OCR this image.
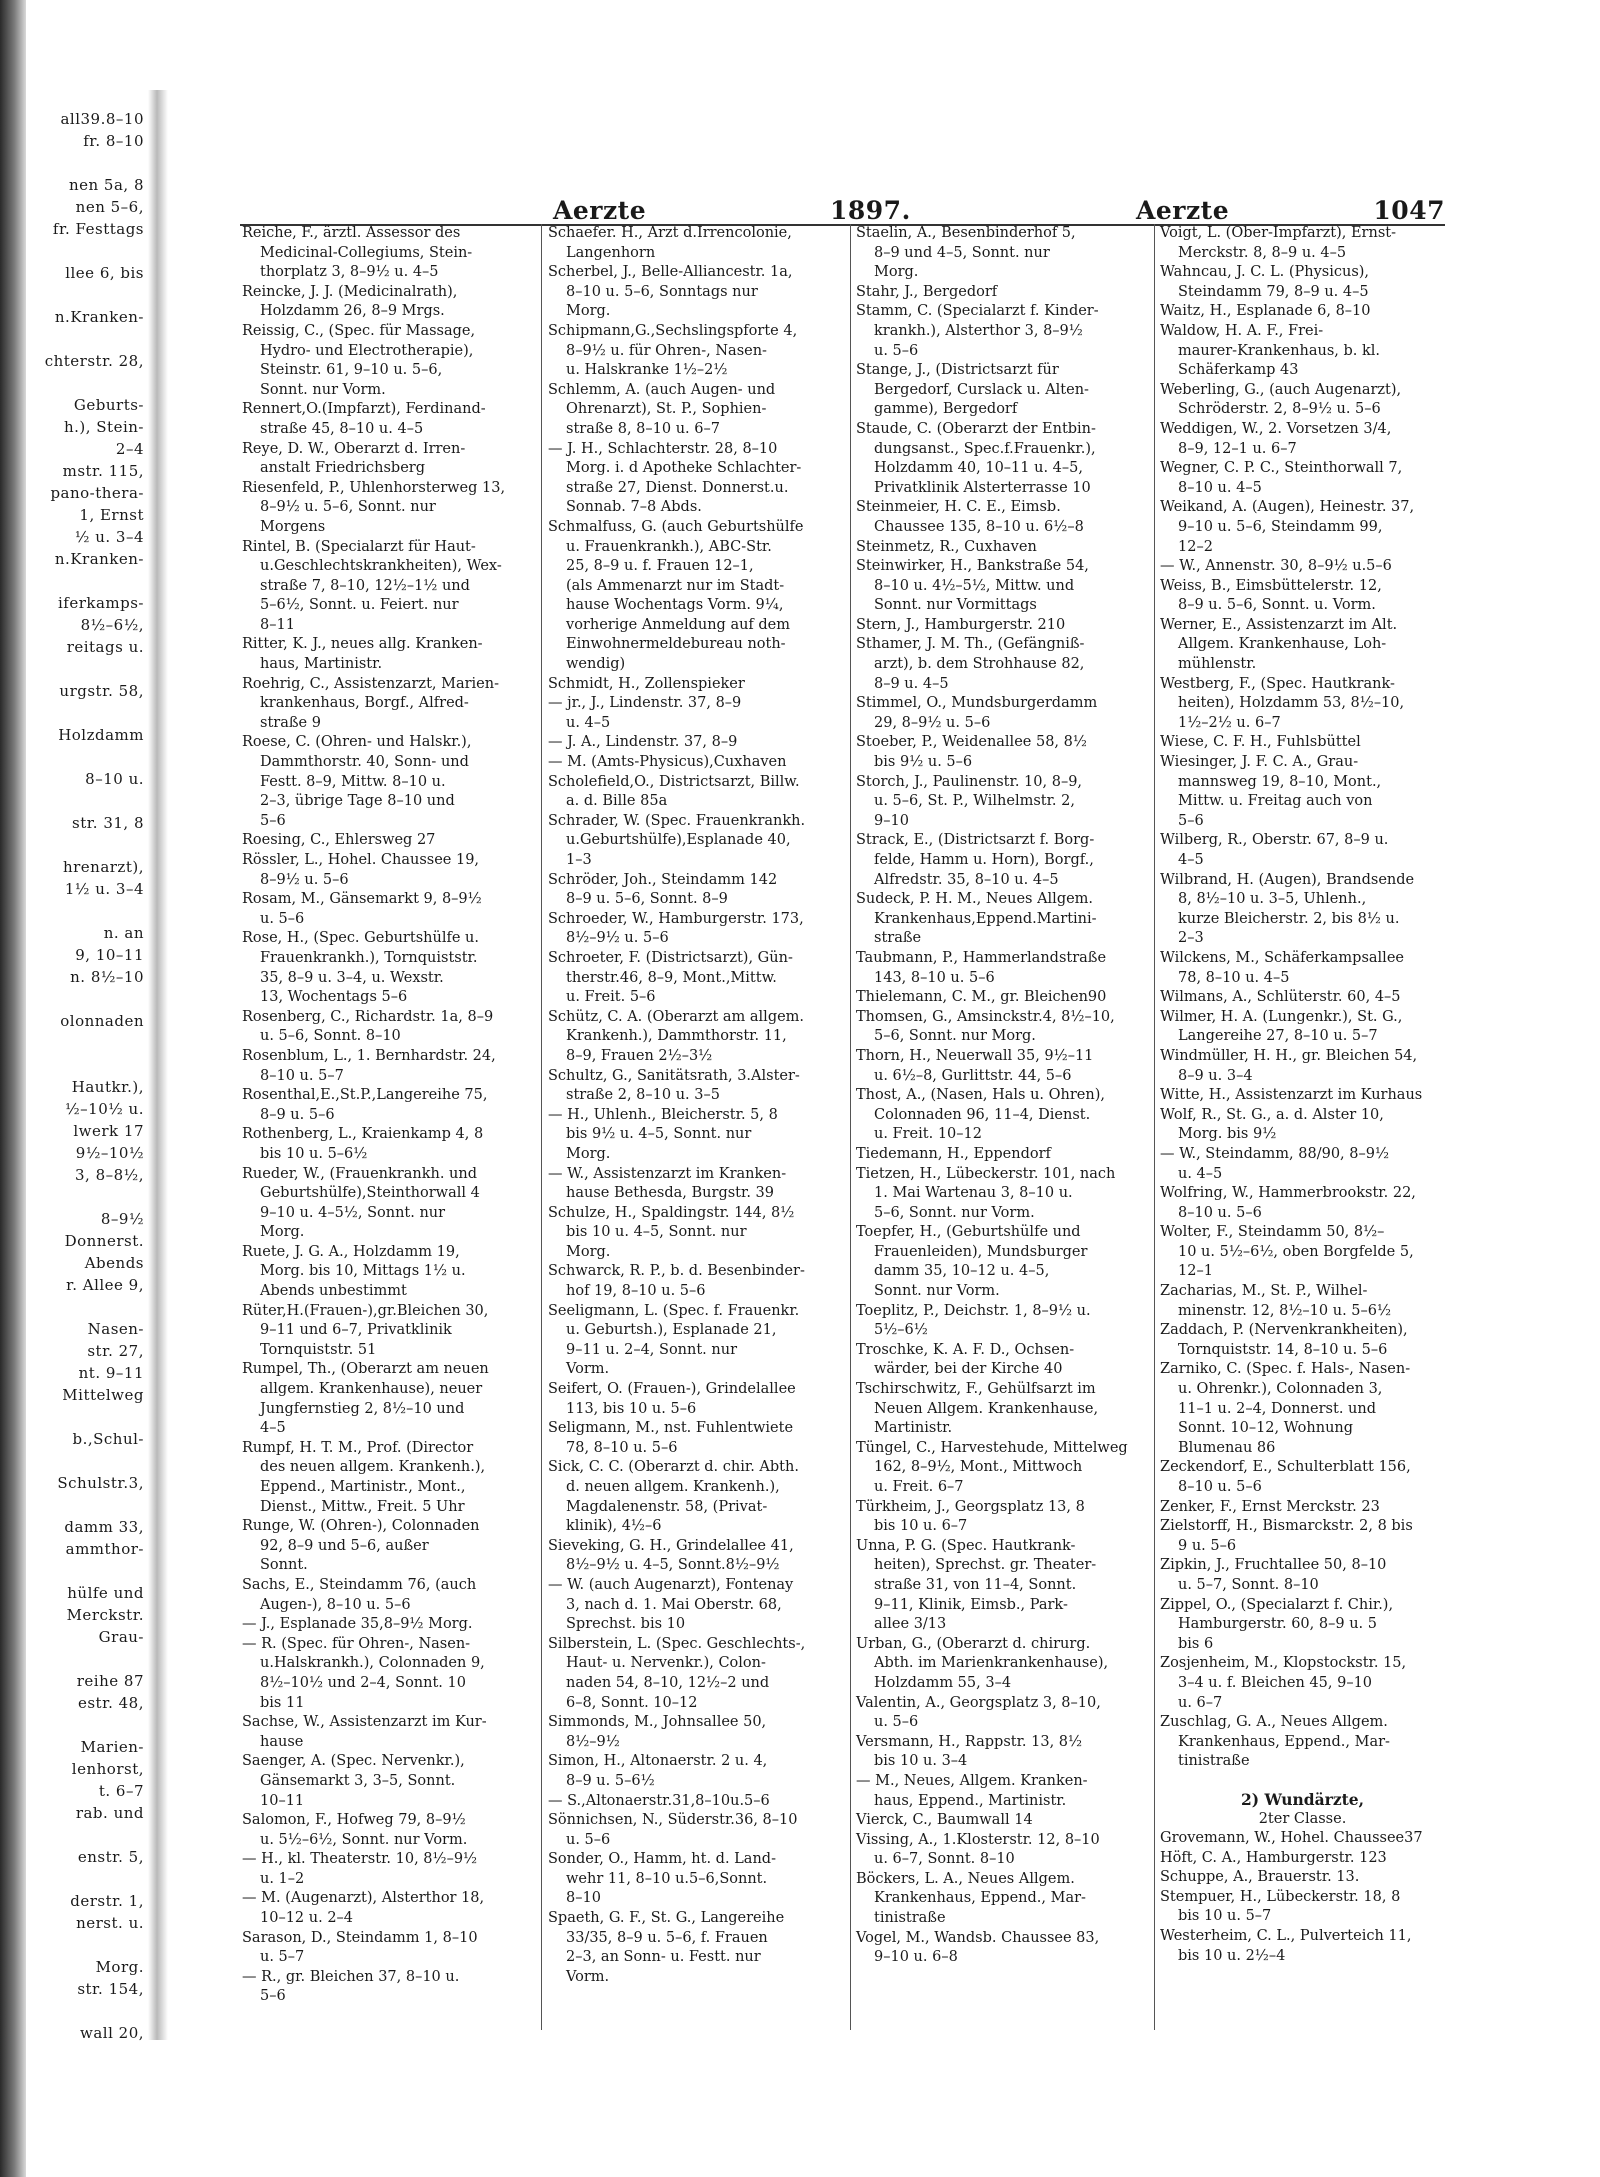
all39.8–10
fr. 8–10
nen 5a, 8
nen 5–6,
fr. Festtags
llee 6, bis
n.Kranken-
chterstr. 28,
Geburts-
h.), Stein-
2–4
mstr. 115,
pano-thera-
1, Ernst
½ u. 3–4
n.Kranken-
iferkamps-
8½–6½,
reitags u.
urgstr. 58,
Holzdamm
8–10 u.
str. 31, 8
hrenarzt),
1½ u. 3–4
n. an
9, 10–11
n. 8½–10
olonnaden
Hautkr.),
½–10½ u.
lwerk 17
9½–10½
3, 8–8½,
8–9½
Donnerst.
Abends
r. Allee 9,
Nasen-
str. 27,
nt. 9–11
Mittelweg
b.,Schul-
Schulstr.3,
damm 33,
ammthor-
hülfe und
Merckstr.
Grau-
reihe 87
estr. 48,
Marien-
lenhorst,
t. 6–7
rab. und
enstr. 5,
derstr. 1,
nerst. u.
Morg.
str. 154,
wall 20,
Aerzte	1897.	Aerzte	1047
Reiche, F., ärztl. Assessor des
Medicinal-Collegiums, Stein-
thorplatz 3, 8–9½ u. 4–5
Reincke, J. J. (Medicinalrath),
Holzdamm 26, 8–9 Mrgs.
Reissig, C., (Spec. für Massage,
Hydro- und Electrotherapie),
Steinstr. 61, 9–10 u. 5–6,
Sonnt. nur Vorm.
Rennert,O.(Impfarzt), Ferdinand-
straße 45, 8–10 u. 4–5
Reye, D. W., Oberarzt d. Irren-
anstalt Friedrichsberg
Riesenfeld, P., Uhlenhorsterweg 13,
8–9½ u. 5–6, Sonnt. nur
Morgens
Rintel, B. (Specialarzt für Haut-
u.Geschlechtskrankheiten), Wex-
straße 7, 8–10, 12½–1½ und
5–6½, Sonnt. u. Feiert. nur
8–11
Ritter, K. J., neues allg. Kranken-
haus, Martinistr.
Roehrig, C., Assistenzarzt, Marien-
krankenhaus, Borgf., Alfred-
straße 9
Roese, C. (Ohren- und Halskr.),
Dammthorstr. 40, Sonn- und
Festt. 8–9, Mittw. 8–10 u.
2–3, übrige Tage 8–10 und
5–6
Roesing, C., Ehlersweg 27
Rössler, L., Hohel. Chaussee 19,
8–9½ u. 5–6
Rosam, M., Gänsemarkt 9, 8–9½
u. 5–6
Rose, H., (Spec. Geburtshülfe u.
Frauenkrankh.), Tornquiststr.
35, 8–9 u. 3–4, u. Wexstr.
13, Wochentags 5–6
Rosenberg, C., Richardstr. 1a, 8–9
u. 5–6, Sonnt. 8–10
Rosenblum, L., 1. Bernhardstr. 24,
8–10 u. 5–7
Rosenthal,E.,St.P.,Langereihe 75,
8–9 u. 5–6
Rothenberg, L., Kraienkamp 4, 8
bis 10 u. 5–6½
Rueder, W., (Frauenkrankh. und
Geburtshülfe),Steinthorwall 4
9–10 u. 4–5½, Sonnt. nur
Morg.
Ruete, J. G. A., Holzdamm 19,
Morg. bis 10, Mittags 1½ u.
Abends unbestimmt
Rüter,H.(Frauen-),gr.Bleichen 30,
9–11 und 6–7, Privatklinik
Tornquiststr. 51
Rumpel, Th., (Oberarzt am neuen
allgem. Krankenhause), neuer
Jungfernstieg 2, 8½–10 und
4–5
Rumpf, H. T. M., Prof. (Director
des neuen allgem. Krankenh.),
Eppend., Martinistr., Mont.,
Dienst., Mittw., Freit. 5 Uhr
Runge, W. (Ohren-), Colonnaden
92, 8–9 und 5–6, außer
Sonnt.
Sachs, E., Steindamm 76, (auch
Augen-), 8–10 u. 5–6
— J., Esplanade 35,8–9½ Morg.
— R. (Spec. für Ohren-, Nasen-
u.Halskrankh.), Colonnaden 9,
8½–10½ und 2–4, Sonnt. 10
bis 11
Sachse, W., Assistenzarzt im Kur-
hause
Saenger, A. (Spec. Nervenkr.),
Gänsemarkt 3, 3–5, Sonnt.
10–11
Salomon, F., Hofweg 79, 8–9½
u. 5½–6½, Sonnt. nur Vorm.
— H., kl. Theaterstr. 10, 8½–9½
u. 1–2
— M. (Augenarzt), Alsterthor 18,
10–12 u. 2–4
Sarason, D., Steindamm 1, 8–10
u. 5–7
— R., gr. Bleichen 37, 8–10 u.
5–6
Schaefer. H., Arzt d.Irrencolonie,
Langenhorn
Scherbel, J., Belle-Alliancestr. 1a,
8–10 u. 5–6, Sonntags nur
Morg.
Schipmann,G.,Sechslingspforte 4,
8–9½ u. für Ohren-, Nasen-
u. Halskranke 1½–2½
Schlemm, A. (auch Augen- und
Ohrenarzt), St. P., Sophien-
straße 8, 8–10 u. 6–7
— J. H., Schlachterstr. 28, 8–10
Morg. i. d Apotheke Schlachter-
straße 27, Dienst. Donnerst.u.
Sonnab. 7–8 Abds.
Schmalfuss, G. (auch Geburtshülfe
u. Frauenkrankh.), ABC-Str.
25, 8–9 u. f. Frauen 12–1,
(als Ammenarzt nur im Stadt-
hause Wochentags Vorm. 9¼,
vorherige Anmeldung auf dem
Einwohnermeldebureau noth-
wendig)
Schmidt, H., Zollenspieker
— jr., J., Lindenstr. 37, 8–9
u. 4–5
— J. A., Lindenstr. 37, 8–9
— M. (Amts-Physicus),Cuxhaven
Scholefield,O., Districtsarzt, Billw.
a. d. Bille 85a
Schrader, W. (Spec. Frauenkrankh.
u.Geburtshülfe),Esplanade 40,
1–3
Schröder, Joh., Steindamm 142
8–9 u. 5–6, Sonnt. 8–9
Schroeder, W., Hamburgerstr. 173,
8½–9½ u. 5–6
Schroeter, F. (Districtsarzt), Gün-
therstr.46, 8–9, Mont.,Mittw.
u. Freit. 5–6
Schütz, C. A. (Oberarzt am allgem.
Krankenh.), Dammthorstr. 11,
8–9, Frauen 2½–3½
Schultz, G., Sanitätsrath, 3.Alster-
straße 2, 8–10 u. 3–5
— H., Uhlenh., Bleicherstr. 5, 8
bis 9½ u. 4–5, Sonnt. nur
Morg.
— W., Assistenzarzt im Kranken-
hause Bethesda, Burgstr. 39
Schulze, H., Spaldingstr. 144, 8½
bis 10 u. 4–5, Sonnt. nur
Morg.
Schwarck, R. P., b. d. Besenbinder-
hof 19, 8–10 u. 5–6
Seeligmann, L. (Spec. f. Frauenkr.
u. Geburtsh.), Esplanade 21,
9–11 u. 2–4, Sonnt. nur
Vorm.
Seifert, O. (Frauen-), Grindelallee
113, bis 10 u. 5–6
Seligmann, M., nst. Fuhlentwiete
78, 8–10 u. 5–6
Sick, C. C. (Oberarzt d. chir. Abth.
d. neuen allgem. Krankenh.),
Magdalenenstr. 58, (Privat-
klinik), 4½–6
Sieveking, G. H., Grindelallee 41,
8½–9½ u. 4–5, Sonnt.8½–9½
— W. (auch Augenarzt), Fontenay
3, nach d. 1. Mai Oberstr. 68,
Sprechst. bis 10
Silberstein, L. (Spec. Geschlechts-,
Haut- u. Nervenkr.), Colon-
naden 54, 8–10, 12½–2 und
6–8, Sonnt. 10–12
Simmonds, M., Johnsallee 50,
8½–9½
Simon, H., Altonaerstr. 2 u. 4,
8–9 u. 5–6½
— S.,Altonaerstr.31,8–10u.5–6
Sönnichsen, N., Süderstr.36, 8–10
u. 5–6
Sonder, O., Hamm, ht. d. Land-
wehr 11, 8–10 u.5–6,Sonnt.
8–10
Spaeth, G. F., St. G., Langereihe
33/35, 8–9 u. 5–6, f. Frauen
2–3, an Sonn- u. Festt. nur
Vorm.
Staelin, A., Besenbinderhof 5,
8–9 und 4–5, Sonnt. nur
Morg.
Stahr, J., Bergedorf
Stamm, C. (Specialarzt f. Kinder-
krankh.), Alsterthor 3, 8–9½
u. 5–6
Stange, J., (Districtsarzt für
Bergedorf, Curslack u. Alten-
gamme), Bergedorf
Staude, C. (Oberarzt der Entbin-
dungsanst., Spec.f.Frauenkr.),
Holzdamm 40, 10–11 u. 4–5,
Privatklinik Alsterterrasse 10
Steinmeier, H. C. E., Eimsb.
Chaussee 135, 8–10 u. 6½–8
Steinmetz, R., Cuxhaven
Steinwirker, H., Bankstraße 54,
8–10 u. 4½–5½, Mittw. und
Sonnt. nur Vormittags
Stern, J., Hamburgerstr. 210
Sthamer, J. M. Th., (Gefängniß-
arzt), b. dem Strohhause 82,
8–9 u. 4–5
Stimmel, O., Mundsburgerdamm
29, 8–9½ u. 5–6
Stoeber, P., Weidenallee 58, 8½
bis 9½ u. 5–6
Storch, J., Paulinenstr. 10, 8–9,
u. 5–6, St. P., Wilhelmstr. 2,
9–10
Strack, E., (Districtsarzt f. Borg-
felde, Hamm u. Horn), Borgf.,
Alfredstr. 35, 8–10 u. 4–5
Sudeck, P. H. M., Neues Allgem.
Krankenhaus,Eppend.Martini-
straße
Taubmann, P., Hammerlandstraße
143, 8–10 u. 5–6
Thielemann, C. M., gr. Bleichen90
Thomsen, G., Amsinckstr.4, 8½–10,
5–6, Sonnt. nur Morg.
Thorn, H., Neuerwall 35, 9½–11
u. 6½–8, Gurlittstr. 44, 5–6
Thost, A., (Nasen, Hals u. Ohren),
Colonnaden 96, 11–4, Dienst.
u. Freit. 10–12
Tiedemann, H., Eppendorf
Tietzen, H., Lübeckerstr. 101, nach
1. Mai Wartenau 3, 8–10 u.
5–6, Sonnt. nur Vorm.
Toepfer, H., (Geburtshülfe und
Frauenleiden), Mundsburger
damm 35, 10–12 u. 4–5,
Sonnt. nur Vorm.
Toeplitz, P., Deichstr. 1, 8–9½ u.
5½–6½
Troschke, K. A. F. D., Ochsen-
wärder, bei der Kirche 40
Tschirschwitz, F., Gehülfsarzt im
Neuen Allgem. Krankenhause,
Martinistr.
Tüngel, C., Harvestehude, Mittelweg
162, 8–9½, Mont., Mittwoch
u. Freit. 6–7
Türkheim, J., Georgsplatz 13, 8
bis 10 u. 6–7
Unna, P. G. (Spec. Hautkrank-
heiten), Sprechst. gr. Theater-
straße 31, von 11–4, Sonnt.
9–11, Klinik, Eimsb., Park-
allee 3/13
Urban, G., (Oberarzt d. chirurg.
Abth. im Marienkrankenhause),
Holzdamm 55, 3–4
Valentin, A., Georgsplatz 3, 8–10,
u. 5–6
Versmann, H., Rappstr. 13, 8½
bis 10 u. 3–4
— M., Neues, Allgem. Kranken-
haus, Eppend., Martinistr.
Vierck, C., Baumwall 14
Vissing, A., 1.Klosterstr. 12, 8–10
u. 6–7, Sonnt. 8–10
Böckers, L. A., Neues Allgem.
Krankenhaus, Eppend., Mar-
tinistraße
Vogel, M., Wandsb. Chaussee 83,
9–10 u. 6–8
Voigt, L. (Ober-Impfarzt), Ernst-
Merckstr. 8, 8–9 u. 4–5
Wahncau, J. C. L. (Physicus),
Steindamm 79, 8–9 u. 4–5
Waitz, H., Esplanade 6, 8–10
Waldow, H. A. F., Frei-
maurer-Krankenhaus, b. kl.
Schäferkamp 43
Weberling, G., (auch Augenarzt),
Schröderstr. 2, 8–9½ u. 5–6
Weddigen, W., 2. Vorsetzen 3/4,
8–9, 12–1 u. 6–7
Wegner, C. P. C., Steinthorwall 7,
8–10 u. 4–5
Weikand, A. (Augen), Heinestr. 37,
9–10 u. 5–6, Steindamm 99,
12–2
— W., Annenstr. 30, 8–9½ u.5–6
Weiss, B., Eimsbüttelerstr. 12,
8–9 u. 5–6, Sonnt. u. Vorm.
Werner, E., Assistenzarzt im Alt.
Allgem. Krankenhause, Loh-
mühlenstr.
Westberg, F., (Spec. Hautkrank-
heiten), Holzdamm 53, 8½–10,
1½–2½ u. 6–7
Wiese, C. F. H., Fuhlsbüttel
Wiesinger, J. F. C. A., Grau-
mannsweg 19, 8–10, Mont.,
Mittw. u. Freitag auch von
5–6
Wilberg, R., Oberstr. 67, 8–9 u.
4–5
Wilbrand, H. (Augen), Brandsende
8, 8½–10 u. 3–5, Uhlenh.,
kurze Bleicherstr. 2, bis 8½ u.
2–3
Wilckens, M., Schäferkampsallee
78, 8–10 u. 4–5
Wilmans, A., Schlüterstr. 60, 4–5
Wilmer, H. A. (Lungenkr.), St. G.,
Langereihe 27, 8–10 u. 5–7
Windmüller, H. H., gr. Bleichen 54,
8–9 u. 3–4
Witte, H., Assistenzarzt im Kurhaus
Wolf, R., St. G., a. d. Alster 10,
Morg. bis 9½
— W., Steindamm, 88/90, 8–9½
u. 4–5
Wolfring, W., Hammerbrookstr. 22,
8–10 u. 5–6
Wolter, F., Steindamm 50, 8½–
10 u. 5½–6½, oben Borgfelde 5,
12–1
Zacharias, M., St. P., Wilhel-
minenstr. 12, 8½–10 u. 5–6½
Zaddach, P. (Nervenkrankheiten),
Tornquiststr. 14, 8–10 u. 5–6
Zarniko, C. (Spec. f. Hals-, Nasen-
u. Ohrenkr.), Colonnaden 3,
11–1 u. 2–4, Donnerst. und
Sonnt. 10–12, Wohnung
Blumenau 86
Zeckendorf, E., Schulterblatt 156,
8–10 u. 5–6
Zenker, F., Ernst Merckstr. 23
Zielstorff, H., Bismarckstr. 2, 8 bis
9 u. 5–6
Zipkin, J., Fruchtallee 50, 8–10
u. 5–7, Sonnt. 8–10
Zippel, O., (Specialarzt f. Chir.),
Hamburgerstr. 60, 8–9 u. 5
bis 6
Zosjenheim, M., Klopstockstr. 15,
3–4 u. f. Bleichen 45, 9–10
u. 6–7
Zuschlag, G. A., Neues Allgem.
Krankenhaus, Eppend., Mar-
tinistraße
2) Wundärzte,
2ter Classe.
Grovemann, W., Hohel. Chaussee37
Höft, C. A., Hamburgerstr. 123
Schuppe, A., Brauerstr. 13.
Stempuer, H., Lübeckerstr. 18, 8
bis 10 u. 5–7
Westerheim, C. L., Pulverteich 11,
bis 10 u. 2½–4
